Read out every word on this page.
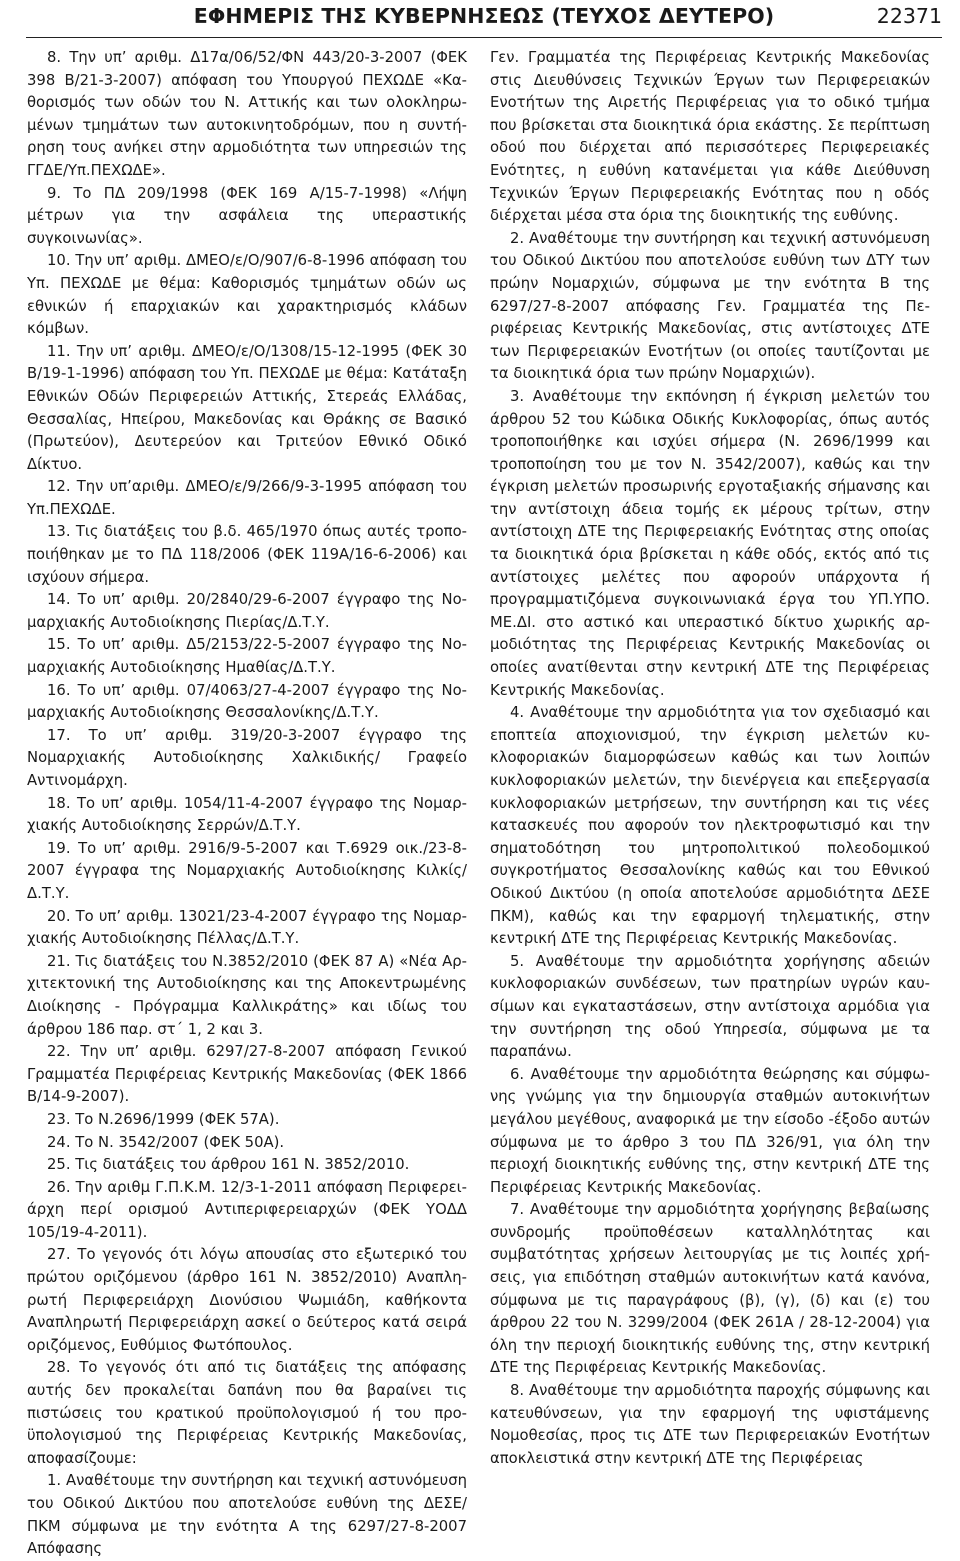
ΕΦΗΜΕΡΙΣ ΤΗΣ ΚΥΒΕΡΝΗΣΕΩΣ (ΤΕΥΧΟΣ ΔΕΥΤΕΡΟ)	22371

8. Την υπ’ αριθμ. Δ17α/06/52/ΦΝ 443/20-3-2007 (ΦΕΚ 398 Β/21-3-2007) απόφαση του Υπουργού ΠΕΧΩΔΕ «Καθορισμός των οδών του Ν. Αττικής και των ολοκληρωμένων τμημάτων των αυτοκινητοδρόμων, που η συντήρηση τους ανήκει στην αρμοδιότητα των υπηρεσιών της ΓΓΔΕ/Υπ.ΠΕΧΩΔΕ».

9. Το ΠΔ 209/1998 (ΦΕΚ 169 Α/15-7-1998) «Λήψη μέτρων για την ασφάλεια της υπεραστικής συγκοινωνίας».

10. Την υπ’ αριθμ. ΔΜΕΟ/ε/Ο/907/6-8-1996 απόφαση του Υπ. ΠΕΧΩΔΕ με θέμα: Καθορισμός τμημάτων οδών ως εθνικών ή επαρχιακών και χαρακτηρισμός κλάδων κόμβων.

11. Την υπ’ αριθμ. ΔΜΕΟ/ε/Ο/1308/15-12-1995 (ΦΕΚ 30 Β/19-1-1996) απόφαση του Υπ. ΠΕΧΩΔΕ με θέμα: Κατάταξη Εθνικών Οδών Περιφερειών Αττικής, Στερεάς Ελλάδας, Θεσσαλίας, Ηπείρου, Μακεδονίας και Θράκης σε Βασικό (Πρωτεύον), Δευτερεύον και Τριτεύον Εθνικό Οδικό Δίκτυο.

12. Την υπ’αριθμ. ΔΜΕΟ/ε/9/266/9-3-1995 απόφαση του Υπ.ΠΕΧΩΔΕ.

13. Τις διατάξεις του β.δ. 465/1970 όπως αυτές τροποποιήθηκαν με το ΠΔ 118/2006 (ΦΕΚ 119Α/16-6-2006) και ισχύουν σήμερα.

14. Το υπ’ αριθμ. 20/2840/29-6-2007 έγγραφο της Νομαρχιακής Αυτοδιοίκησης Πιερίας/Δ.Τ.Υ.

15. Το υπ’ αριθμ. Δ5/2153/22-5-2007 έγγραφο της Νομαρχιακής Αυτοδιοίκησης Ημαθίας/Δ.Τ.Υ.

16. Το υπ’ αριθμ. 07/4063/27-4-2007 έγγραφο της Νομαρχιακής Αυτοδιοίκησης Θεσσαλονίκης/Δ.Τ.Υ.

17. Το υπ’ αριθμ. 319/20-3-2007 έγγραφο της Νομαρχιακής Αυτοδιοίκησης Χαλκιδικής/ Γραφείο Αντινομάρχη.

18. Το υπ’ αριθμ. 1054/11-4-2007 έγγραφο της Νομαρχιακής Αυτοδιοίκησης Σερρών/Δ.Τ.Υ.

19. Το υπ’ αριθμ. 2916/9-5-2007 και Τ.6929 οικ./23-8-2007 έγγραφα της Νομαρχιακής Αυτοδιοίκησης Κιλκίς/Δ.Τ.Υ.

20. Το υπ’ αριθμ. 13021/23-4-2007 έγγραφο της Νομαρχιακής Αυτοδιοίκησης Πέλλας/Δ.Τ.Υ.

21. Τις διατάξεις του Ν.3852/2010 (ΦΕΚ 87 Α) «Νέα Αρχιτεκτονική της Αυτοδιοίκησης και της Αποκεντρωμένης Διοίκησης - Πρόγραμμα Καλλικράτης» και ιδίως του άρθρου 186 παρ. στ΄ 1, 2 και 3.

22. Την υπ’ αριθμ. 6297/27-8-2007 απόφαση Γενικού Γραμματέα Περιφέρειας Κεντρικής Μακεδονίας (ΦΕΚ 1866 Β/14-9-2007).

23. Το Ν.2696/1999 (ΦΕΚ 57Α).

24. Το Ν. 3542/2007 (ΦΕΚ 50Α).

25. Τις διατάξεις του άρθρου 161 Ν. 3852/2010.

26. Την αριθμ Γ.Π.Κ.Μ. 12/3-1-2011 απόφαση Περιφερειάρχη περί ορισμού Αντιπεριφερειαρχών (ΦΕΚ ΥΟΔΔ 105/19-4-2011).

27. Το γεγονός ότι λόγω απουσίας στο εξωτερικό του πρώτου οριζόμενου (άρθρο 161 Ν. 3852/2010) Αναπληρωτή Περιφερειάρχη Διονύσιου Ψωμιάδη, καθήκοντα Αναπληρωτή Περιφερειάρχη ασκεί ο δεύτερος κατά σειρά οριζόμενος, Ευθύμιος Φωτόπουλος.

28. Το γεγονός ότι από τις διατάξεις της απόφασης αυτής δεν προκαλείται δαπάνη που θα βαραίνει τις πιστώσεις του κρατικού προϋπολογισμού ή του προϋπολογισμού της Περιφέρειας Κεντρικής Μακεδονίας, αποφασίζουμε:

1. Αναθέτουμε την συντήρηση και τεχνική αστυνόμευση του Οδικού Δικτύου που αποτελούσε ευθύνη της ΔΕΣΕ/ΠΚΜ σύμφωνα με την ενότητα Α της 6297/27-8-2007 Απόφασης

Γεν. Γραμματέα της Περιφέρειας Κεντρικής Μακεδονίας στις Διευθύνσεις Τεχνικών Έργων των Περιφερειακών Ενοτήτων της Αιρετής Περιφέρειας για το οδικό τμήμα που βρίσκεται στα διοικητικά όρια εκάστης. Σε περίπτωση οδού που διέρχεται από περισσότερες Περιφερειακές Ενότητες, η ευθύνη κατανέμεται για κάθε Διεύθυνση Τεχνικών Έργων Περιφερειακής Ενότητας που η οδός διέρχεται μέσα στα όρια της διοικητικής της ευθύνης.

2. Αναθέτουμε την συντήρηση και τεχνική αστυνόμευση του Οδικού Δικτύου που αποτελούσε ευθύνη των ΔΤΥ των πρώην Νομαρχιών, σύμφωνα με την ενότητα Β της 6297/27-8-2007 απόφασης Γεν. Γραμματέα της Περιφέρειας Κεντρικής Μακεδονίας, στις αντίστοιχες ΔΤΕ των Περιφερειακών Ενοτήτων (οι οποίες ταυτίζονται με τα διοικητικά όρια των πρώην Νομαρχιών).

3. Αναθέτουμε την εκπόνηση ή έγκριση μελετών του άρθρου 52 του Κώδικα Οδικής Κυκλοφορίας, όπως αυτός τροποποιήθηκε και ισχύει σήμερα (Ν. 2696/1999 και τροποποίηση του με τον Ν. 3542/2007), καθώς και την έγκριση μελετών προσωρινής εργοταξιακής σήμανσης και την αντίστοιχη άδεια τομής εκ μέρους τρίτων, στην αντίστοιχη ΔΤΕ της Περιφερειακής Ενότητας στης οποίας τα διοικητικά όρια βρίσκεται η κάθε οδός, εκτός από τις αντίστοιχες μελέτες που αφορούν υπάρχοντα ή προγραμματιζόμενα συγκοινωνιακά έργα του ΥΠ.ΥΠΟ. ΜΕ.ΔΙ. στο αστικό και υπεραστικό δίκτυο χωρικής αρμοδιότητας της Περιφέρειας Κεντρικής Μακεδονίας οι οποίες ανατίθενται στην κεντρική ΔΤΕ της Περιφέρειας Κεντρικής Μακεδονίας.

4. Αναθέτουμε την αρμοδιότητα για τον σχεδιασμό και εποπτεία αποχιονισμού, την έγκριση μελετών κυκλοφοριακών διαμορφώσεων καθώς και των λοιπών κυκλοφοριακών μελετών, την διενέργεια και επεξεργασία κυκλοφοριακών μετρήσεων, την συντήρηση και τις νέες κατασκευές που αφορούν τον ηλεκτροφωτισμό και την σηματοδότηση του μητροπολιτικού πολεοδομικού συγκροτήματος Θεσσαλονίκης καθώς και του Εθνικού Οδικού Δικτύου (η οποία αποτελούσε αρμοδιότητα ΔΕΣΕ ΠΚΜ), καθώς και την εφαρμογή τηλεματικής, στην κεντρική ΔΤΕ της Περιφέρειας Κεντρικής Μακεδονίας.

5. Αναθέτουμε την αρμοδιότητα χορήγησης αδειών κυκλοφοριακών συνδέσεων, των πρατηρίων υγρών καυσίμων και εγκαταστάσεων, στην αντίστοιχα αρμόδια για την συντήρηση της οδού Υπηρεσία, σύμφωνα με τα παραπάνω.

6. Αναθέτουμε την αρμοδιότητα θεώρησης και σύμφωνης γνώμης για την δημιουργία σταθμών αυτοκινήτων μεγάλου μεγέθους, αναφορικά με την είσοδο -έξοδο αυτών σύμφωνα με το άρθρο 3 του ΠΔ 326/91, για όλη την περιοχή διοικητικής ευθύνης της, στην κεντρική ΔΤΕ της Περιφέρειας Κεντρικής Μακεδονίας.

7. Αναθέτουμε την αρμοδιότητα χορήγησης βεβαίωσης συνδρομής προϋποθέσεων καταλληλότητας και συμβατότητας χρήσεων λειτουργίας με τις λοιπές χρήσεις, για επιδότηση σταθμών αυτοκινήτων κατά κανόνα, σύμφωνα με τις παραγράφους (β), (γ), (δ) και (ε) του άρθρου 22 του Ν. 3299/2004 (ΦΕΚ 261Α / 28-12-2004) για όλη την περιοχή διοικητικής ευθύνης της, στην κεντρική ΔΤΕ της Περιφέρειας Κεντρικής Μακεδονίας.

8. Αναθέτουμε την αρμοδιότητα παροχής σύμφωνης και κατευθύνσεων, για την εφαρμογή της υφιστάμενης Νομοθεσίας, προς τις ΔΤΕ των Περιφερειακών Ενοτήτων αποκλειστικά στην κεντρική ΔΤΕ της Περιφέρειας
